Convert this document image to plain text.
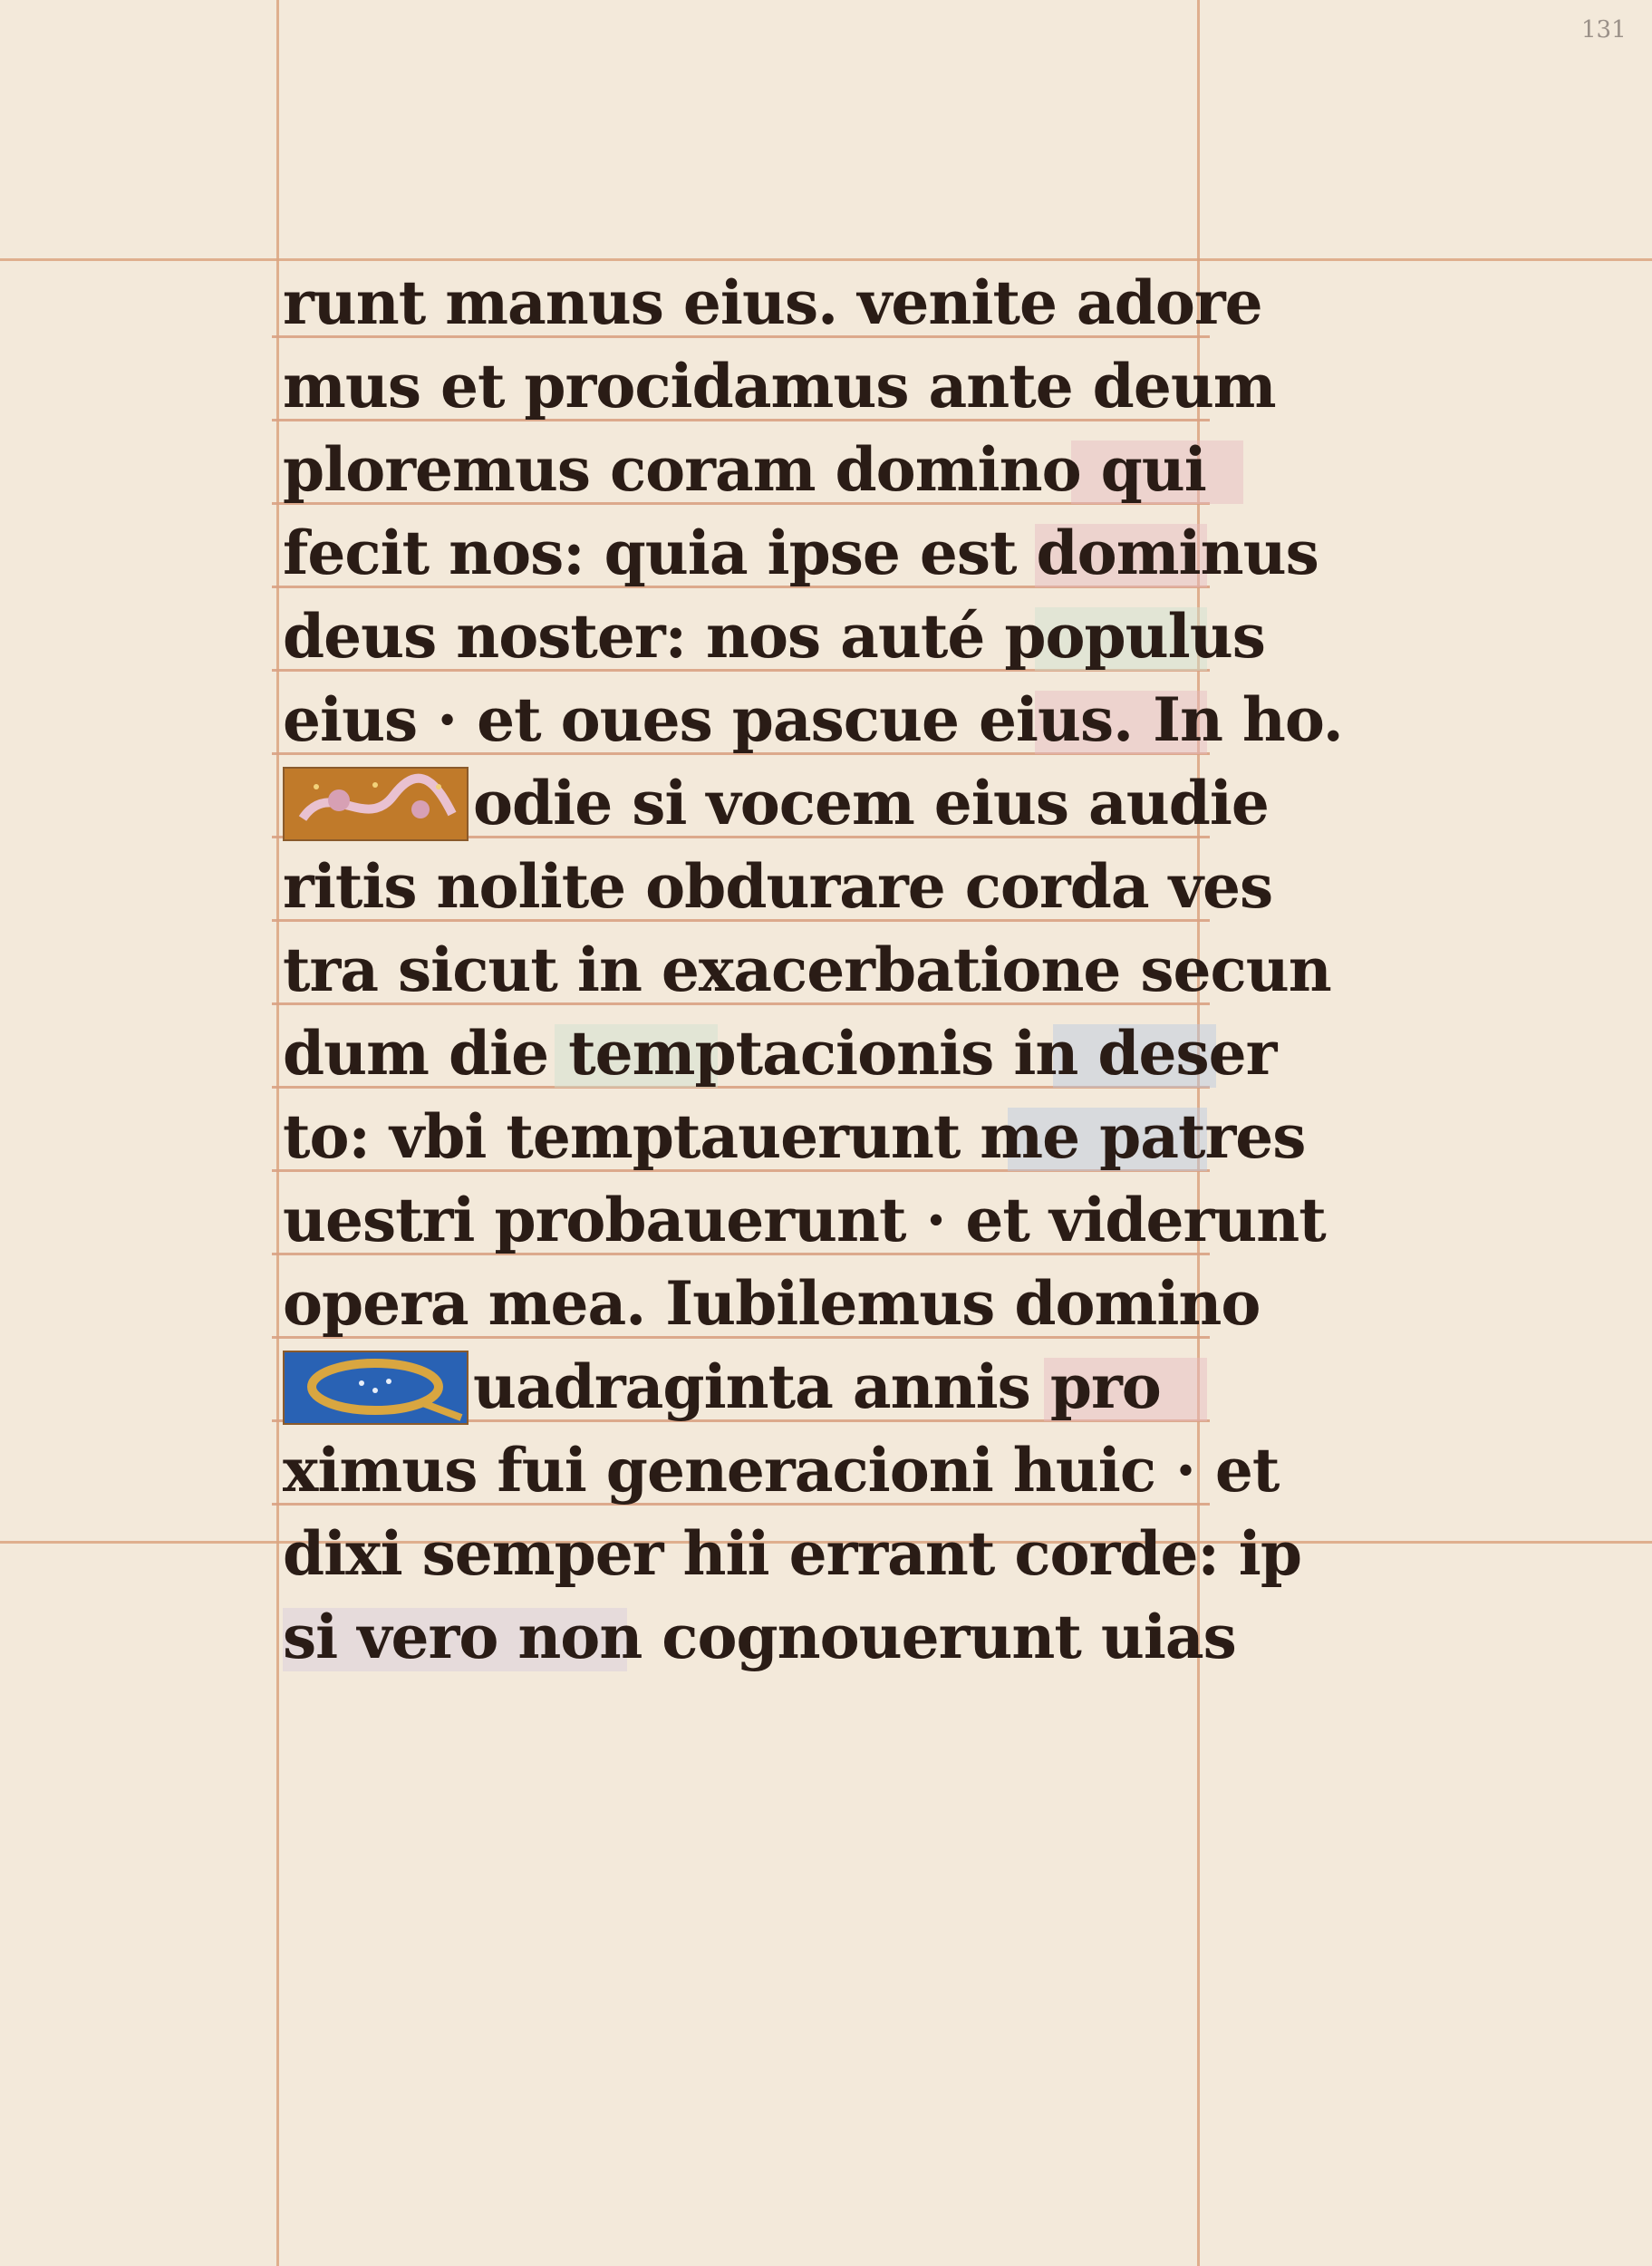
131
runt manus eius. venite adore
mus et procidamus ante deum
ploremus coram domino qui
fecit nos: quia ipse est dominus
deus noster: nos auté populus
eius · et oues pascue eius. In ho.
odie si vocem eius audie
ritis nolite obdurare corda ves
tra sicut in exacerbatione secun
dum die temptacionis in deser
to: vbi temptauerunt me patres
uestri probauerunt · et viderunt
opera mea. Iubilemus domino
uadraginta annis pro
ximus fui generacioni huic · et
dixi semper hii errant corde: ip
si vero non cognouerunt uias
